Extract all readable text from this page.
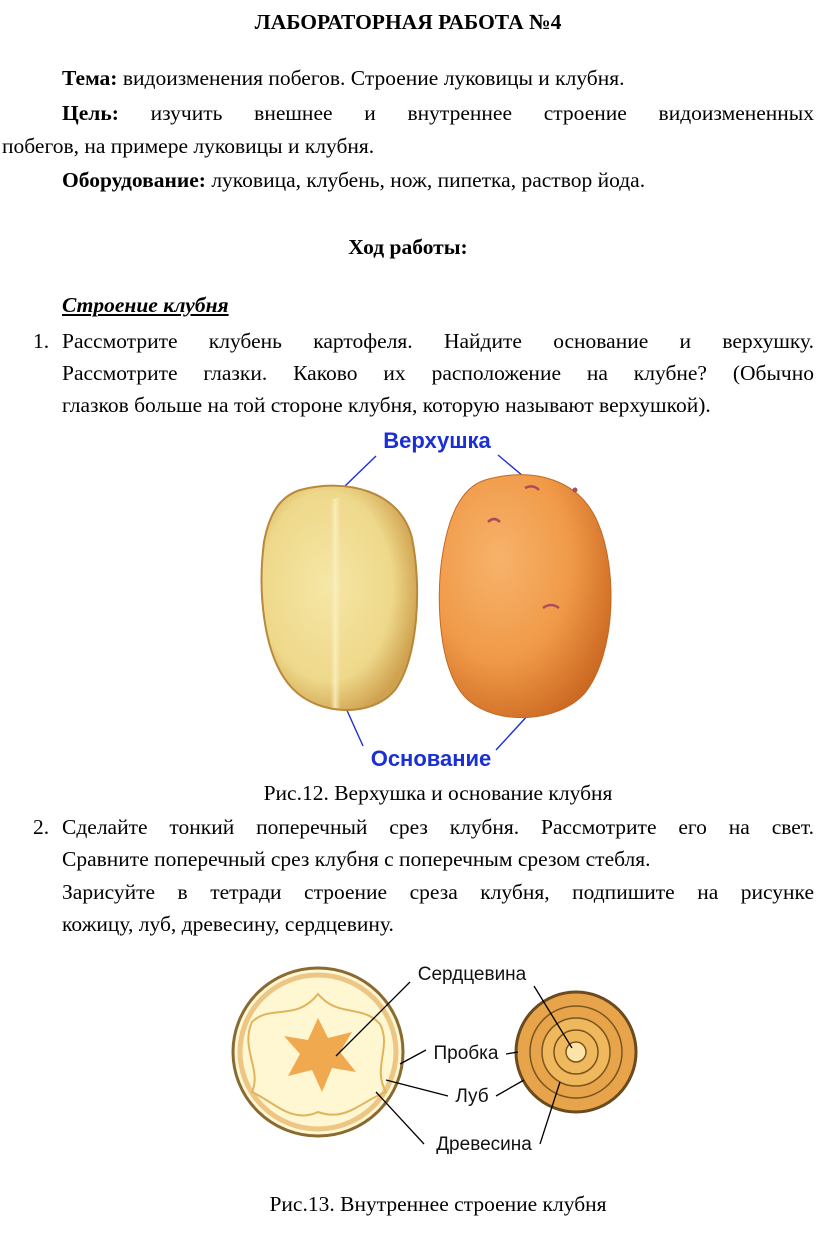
ЛАБОРАТОРНАЯ РАБОТА №4
Тема: видоизменения побегов. Строение луковицы и клубня.
Цель: изучить внешнее и внутреннее строение видоизмененных
побегов, на примере луковицы и клубня.
Оборудование: луковица, клубень, нож, пипетка, раствор йода.
Ход работы:
Строение клубня
1. Рассмотрите клубень картофеля. Найдите основание и верхушку.
Рассмотрите глазки. Каково их расположение на клубне? (Обычно
глазков больше на той стороне клубня, которую называют верхушкой).
Верхушка
Основание
Рис.12. Верхушка и основание клубня
2. Сделайте тонкий поперечный срез клубня. Рассмотрите его на свет.
Сравните поперечный срез клубня с поперечным срезом стебля.
Зарисуйте в тетради строение среза клубня, подпишите на рисунке
кожицу, луб, древесину, сердцевину.
Сердцевина
Пробка
Луб
Древесина
Рис.13. Внутреннее строение клубня
